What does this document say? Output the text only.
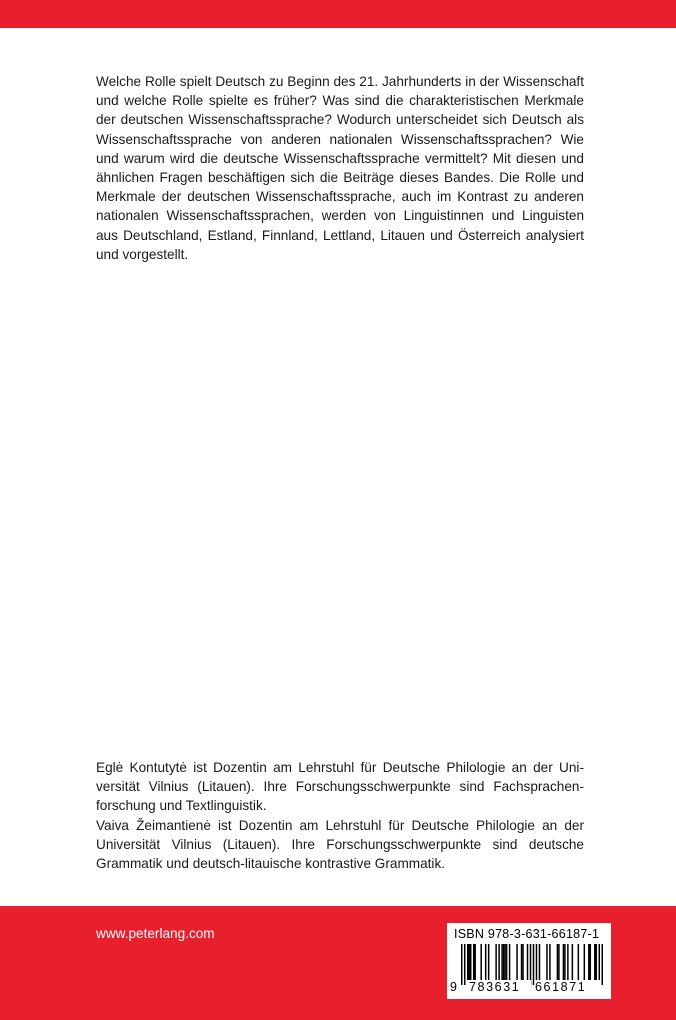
Welche Rolle spielt Deutsch zu Beginn des 21. Jahrhunderts in der Wissenschaft und welche Rolle spielte es früher? Was sind die charakteristischen Merkmale der deutschen Wissenschaftssprache? Wodurch unterscheidet sich Deutsch als Wissenschaftssprache von anderen nationalen Wissenschaftssprachen? Wie und warum wird die deutsche Wissenschaftssprache vermittelt? Mit diesen und ähnlichen Fragen beschäftigen sich die Beiträge dieses Bandes. Die Rolle und Merkmale der deutschen Wissenschaftssprache, auch im Kontrast zu anderen nationalen Wissenschaftssprachen, werden von Linguistinnen und Linguisten aus Deutschland, Estland, Finnland, Lettland, Litauen und Österreich analysiert und vorgestellt.

Eglė Kontutytė ist Dozentin am Lehrstuhl für Deutsche Philologie an der Universität Vilnius (Litauen). Ihre Forschungsschwerpunkte sind Fachsprachenforschung und Textlinguistik.

Vaiva Žeimantienė ist Dozentin am Lehrstuhl für Deutsche Philologie an der Universität Vilnius (Litauen). Ihre Forschungsschwerpunkte sind deutsche Grammatik und deutsch-litauische kontrastive Grammatik.

www.peterlang.com	ISBN 978-3-631-66187-1
9 783631	661871
